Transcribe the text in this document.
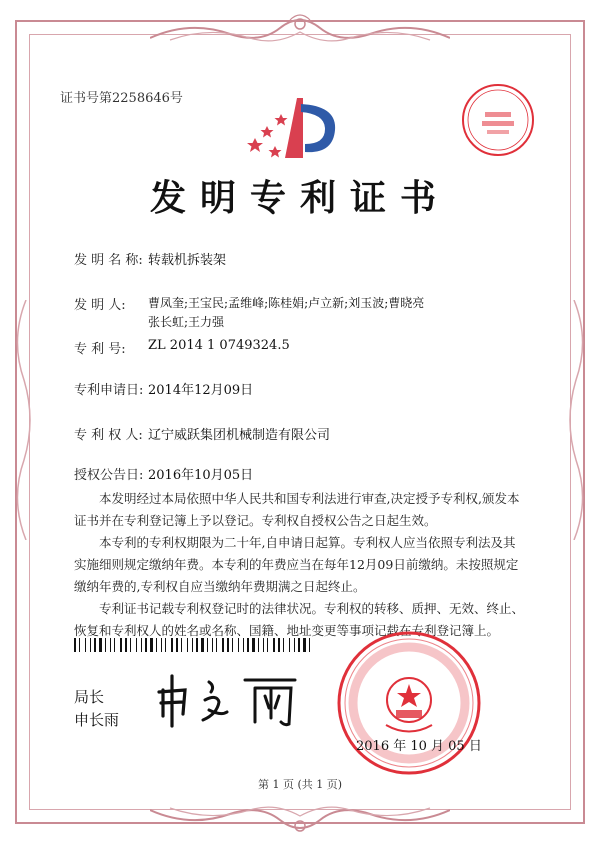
证书号第2258646号
发明专利证书
发 明 名 称: 转载机拆装架
发 明 人: 曹凤奎;王宝民;孟维峰;陈桂娟;卢立新;刘玉波;曹晓亮
张长虹;王力强
专 利 号: ZL 2014 1 0749324.5
专利申请日: 2014年12月09日
专 利 权 人: 辽宁威跃集团机械制造有限公司
授权公告日: 2016年10月05日
本发明经过本局依照中华人民共和国专利法进行审查,决定授予专利权,颁发本证书并在专利登记簿上予以登记。专利权自授权公告之日起生效。
本专利的专利权期限为二十年,自申请日起算。专利权人应当依照专利法及其实施细则规定缴纳年费。本专利的年费应当在每年12月09日前缴纳。未按照规定缴纳年费的,专利权自应当缴纳年费期满之日起终止。
专利证书记载专利权登记时的法律状况。专利权的转移、质押、无效、终止、恢复和专利权人的姓名或名称、国籍、地址变更等事项记载在专利登记簿上。
局长
申长雨
2016 年 10 月 05 日
第 1 页 (共 1 页)
